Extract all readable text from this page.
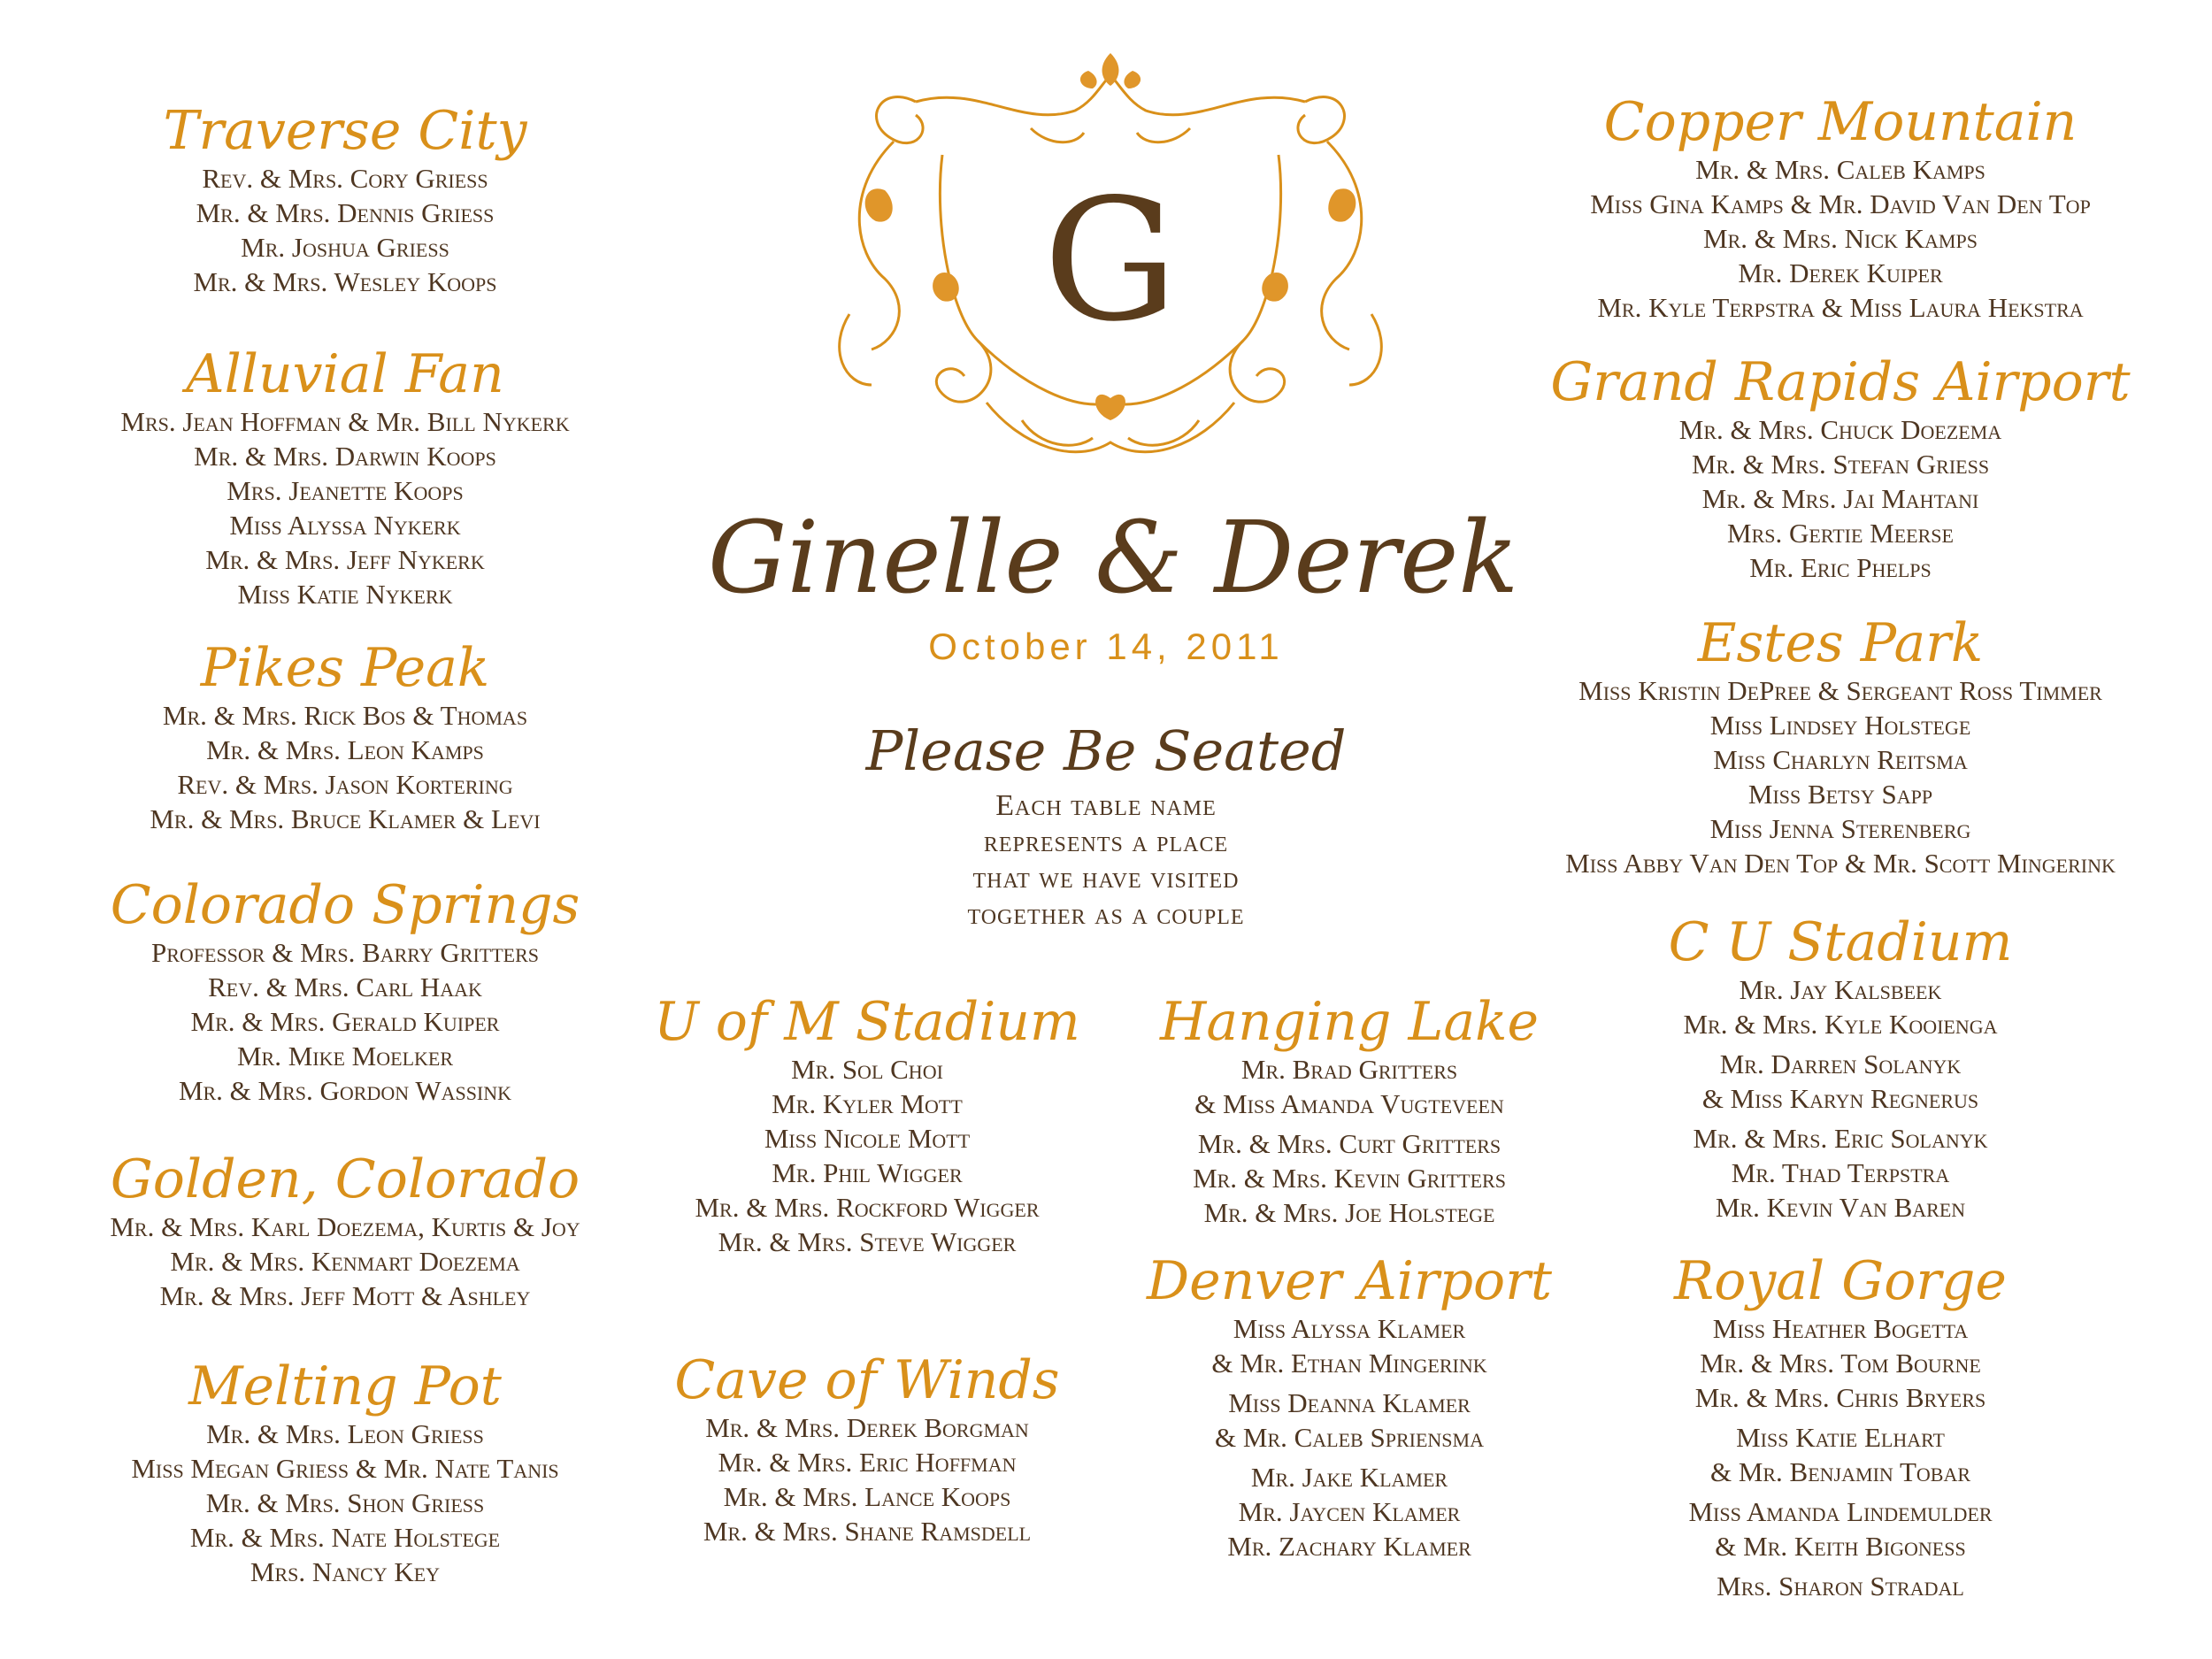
G
Ginelle & Derek
October 14, 2011
Please Be Seated
Each table name
represents a place
that we have visited
together as a couple
Traverse City
Rev. & Mrs. Cory Griess
Mr. & Mrs. Dennis Griess
Mr. Joshua Griess
Mr. & Mrs. Wesley Koops
Alluvial Fan
Mrs. Jean Hoffman & Mr. Bill Nykerk
Mr. & Mrs. Darwin Koops
Mrs. Jeanette Koops
Miss Alyssa Nykerk
Mr. & Mrs. Jeff Nykerk
Miss Katie Nykerk
Pikes Peak
Mr. & Mrs. Rick Bos & Thomas
Mr. & Mrs. Leon Kamps
Rev. & Mrs. Jason Kortering
Mr. & Mrs. Bruce Klamer & Levi
Colorado Springs
Professor & Mrs. Barry Gritters
Rev. & Mrs. Carl Haak
Mr. & Mrs. Gerald Kuiper
Mr. Mike Moelker
Mr. & Mrs. Gordon Wassink
Golden, Colorado
Mr. & Mrs. Karl Doezema, Kurtis & Joy
Mr. & Mrs. Kenmart Doezema
Mr. & Mrs. Jeff Mott & Ashley
Melting Pot
Mr. & Mrs. Leon Griess
Miss Megan Griess & Mr. Nate Tanis
Mr. & Mrs. Shon Griess
Mr. & Mrs. Nate Holstege
Mrs. Nancy Key
U of M Stadium
Mr. Sol Choi
Mr. Kyler Mott
Miss Nicole Mott
Mr. Phil Wigger
Mr. & Mrs. Rockford Wigger
Mr. & Mrs. Steve Wigger
Cave of Winds
Mr. & Mrs. Derek Borgman
Mr. & Mrs. Eric Hoffman
Mr. & Mrs. Lance Koops
Mr. & Mrs. Shane Ramsdell
Hanging Lake
Mr. Brad Gritters
& Miss Amanda Vugteveen
Mr. & Mrs. Curt Gritters
Mr. & Mrs. Kevin Gritters
Mr. & Mrs. Joe Holstege
Denver Airport
Miss Alyssa Klamer
& Mr. Ethan Mingerink
Miss Deanna Klamer
& Mr. Caleb Spriensma
Mr. Jake Klamer
Mr. Jaycen Klamer
Mr. Zachary Klamer
Copper Mountain
Mr. & Mrs. Caleb Kamps
Miss Gina Kamps & Mr. David Van Den Top
Mr. & Mrs. Nick Kamps
Mr. Derek Kuiper
Mr. Kyle Terpstra & Miss Laura Hekstra
Grand Rapids Airport
Mr. & Mrs. Chuck Doezema
Mr. & Mrs. Stefan Griess
Mr. & Mrs. Jai Mahtani
Mrs. Gertie Meerse
Mr. Eric Phelps
Estes Park
Miss Kristin DePree & Sergeant Ross Timmer
Miss Lindsey Holstege
Miss Charlyn Reitsma
Miss Betsy Sapp
Miss Jenna Sterenberg
Miss Abby Van Den Top & Mr. Scott Mingerink
C U Stadium
Mr. Jay Kalsbeek
Mr. & Mrs. Kyle Kooienga
Mr. Darren Solanyk
& Miss Karyn Regnerus
Mr. & Mrs. Eric Solanyk
Mr. Thad Terpstra
Mr. Kevin Van Baren
Royal Gorge
Miss Heather Bogetta
Mr. & Mrs. Tom Bourne
Mr. & Mrs. Chris Bryers
Miss Katie Elhart
& Mr. Benjamin Tobar
Miss Amanda Lindemulder
& Mr. Keith Bigoness
Mrs. Sharon Stradal
